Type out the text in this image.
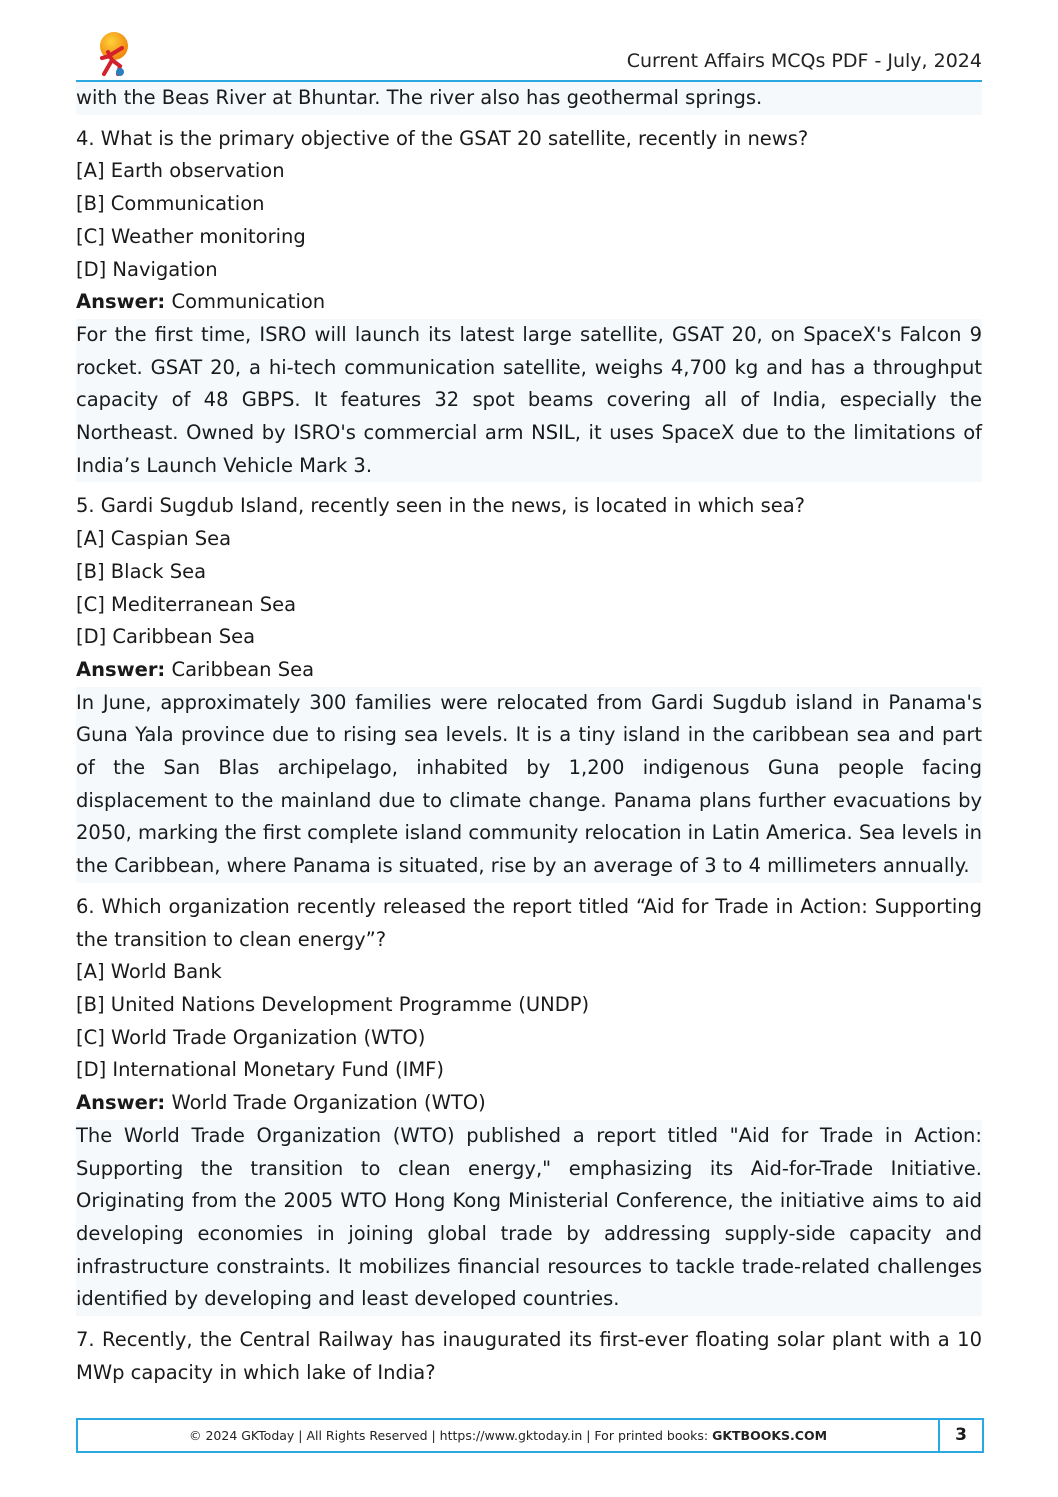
Current Affairs MCQs PDF - July, 2024

with the Beas River at Bhuntar. The river also has geothermal springs.

4. What is the primary objective of the GSAT 20 satellite, recently in news?

[A] Earth observation

[B] Communication

[C] Weather monitoring

[D] Navigation

Answer: Communication

For the first time, ISRO will launch its latest large satellite, GSAT 20, on SpaceX's Falcon 9 rocket. GSAT 20, a hi-tech communication satellite, weighs 4,700 kg and has a throughput capacity of 48 GBPS. It features 32 spot beams covering all of India, especially the Northeast. Owned by ISRO's commercial arm NSIL, it uses SpaceX due to the limitations of India’s Launch Vehicle Mark 3.

5. Gardi Sugdub Island, recently seen in the news, is located in which sea?

[A] Caspian Sea

[B] Black Sea

[C] Mediterranean Sea

[D] Caribbean Sea

Answer: Caribbean Sea

In June, approximately 300 families were relocated from Gardi Sugdub island in Panama's Guna Yala province due to rising sea levels. It is a tiny island in the caribbean sea and part of the San Blas archipelago, inhabited by 1,200 indigenous Guna people facing displacement to the mainland due to climate change. Panama plans further evacuations by 2050, marking the first complete island community relocation in Latin America. Sea levels in the Caribbean, where Panama is situated, rise by an average of 3 to 4 millimeters annually.

6. Which organization recently released the report titled “Aid for Trade in Action: Supporting the transition to clean energy”?

[A] World Bank

[B] United Nations Development Programme (UNDP)

[C] World Trade Organization (WTO)

[D] International Monetary Fund (IMF)

Answer: World Trade Organization (WTO)

The World Trade Organization (WTO) published a report titled "Aid for Trade in Action: Supporting the transition to clean energy," emphasizing its Aid-for-Trade Initiative. Originating from the 2005 WTO Hong Kong Ministerial Conference, the initiative aims to aid developing economies in joining global trade by addressing supply-side capacity and infrastructure constraints. It mobilizes financial resources to tackle trade-related challenges identified by developing and least developed countries.

7. Recently, the Central Railway has inaugurated its first-ever floating solar plant with a 10 MWp capacity in which lake of India?

© 2024 GKToday | All Rights Reserved | https://www.gktoday.in | For printed books: GKTBOOKS.COM	3
